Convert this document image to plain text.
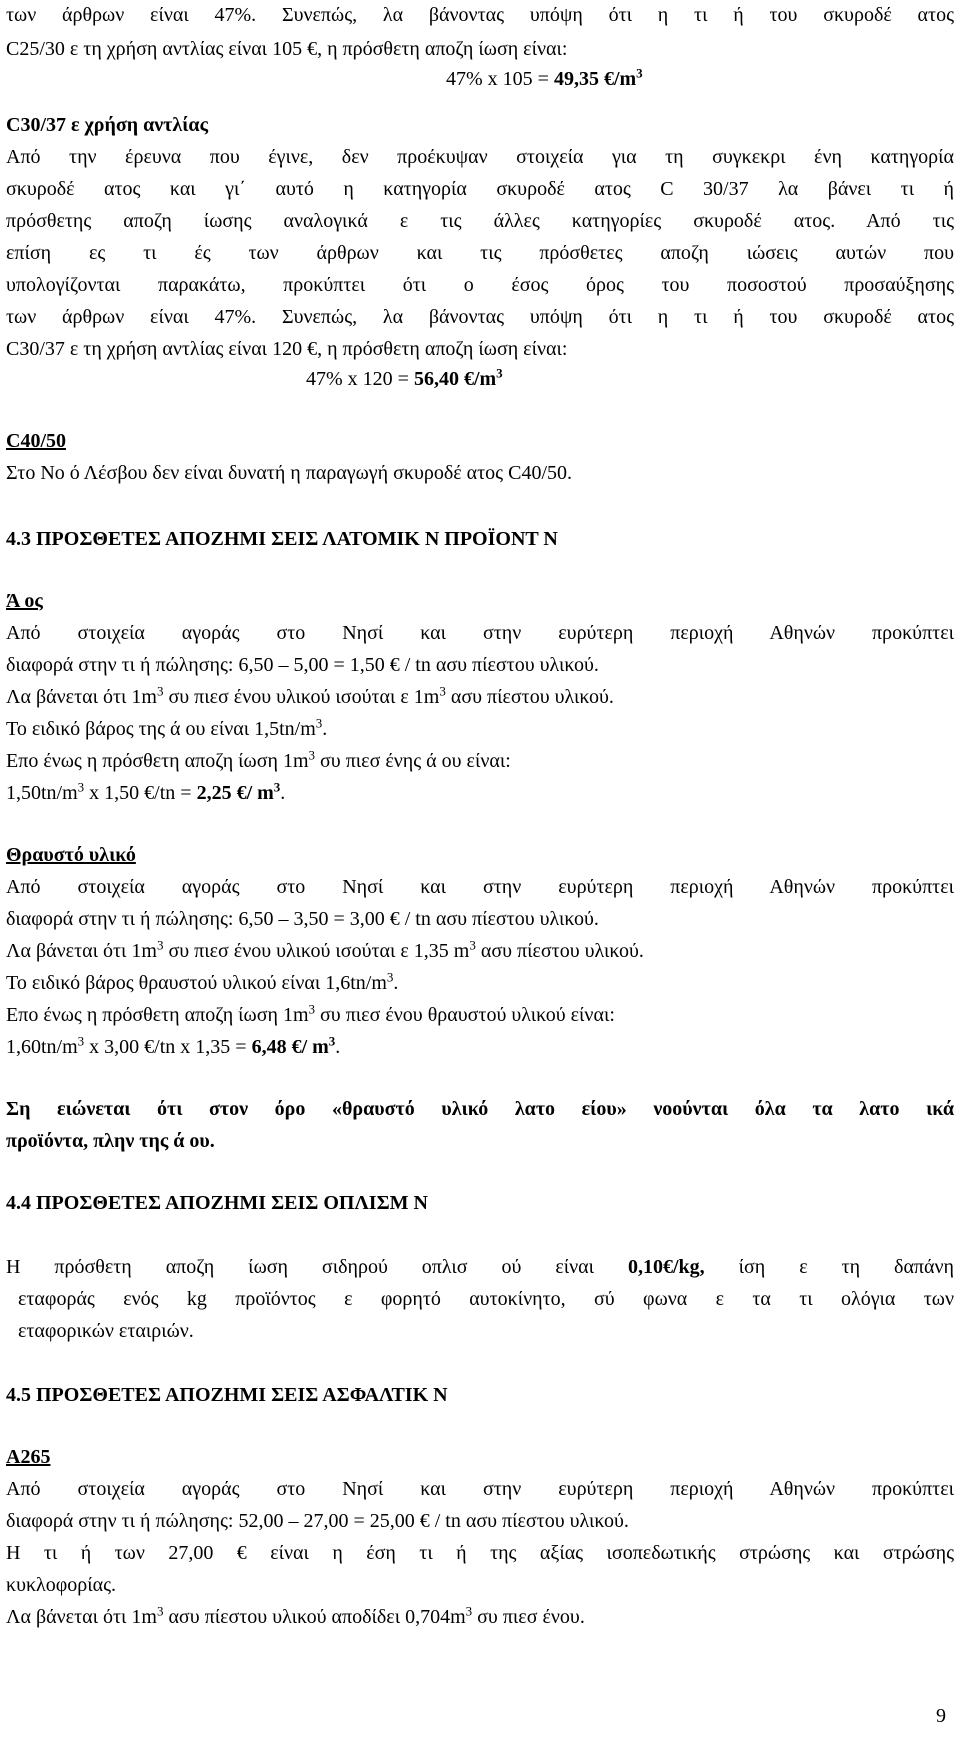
των άρθρων είναι 47%. Συνεπώς, λα βάνοντας υπόψη ότι η τι ή του σκυροδέ ατος
C25/30 ε τη χρήση αντλίας είναι 105 €, η πρόσθετη αποζη ίωση είναι:
47% x 105 = 49,35 $€/m^3$
C30/37 ε χρήση αντλίας
Από την έρευνα που έγινε, δεν προέκυψαν στοιχεία για τη συγκεκρι ένη κατηγορία
σκυροδέ ατος και γι΄ αυτό η κατηγορία σκυροδέ ατος C 30/37 λα βάνει τι ή
πρόσθετης αποζη ίωσης αναλογικά ε τις άλλες κατηγορίες σκυροδέ ατος. Από τις
επίση ες τι ές των άρθρων και τις πρόσθετες αποζη ιώσεις αυτών που
υπολογίζονται παρακάτω, προκύπτει ότι ο έσος όρος του ποσοστού προσαύξησης
των άρθρων είναι 47%. Συνεπώς, λα βάνοντας υπόψη ότι η τι ή του σκυροδέ ατος
C30/37 ε τη χρήση αντλίας είναι 120 €, η πρόσθετη αποζη ίωση είναι:
47% x 120 = 56,40 $€/m^3$
C40/50
Στο Νο ό Λέσβου δεν είναι δυνατή η παραγωγή σκυροδέ ατος C40/50.
4.3 ΠΡΟΣΘΕΤΕΣ ΑΠΟΖΗΜΙ ΣΕΙΣ ΛΑΤΟΜΙΚ Ν ΠΡΟΪΟΝΤ Ν
Ά ος
Από στοιχεία αγοράς στο Νησί και στην ευρύτερη περιοχή Αθηνών προκύπτει
διαφορά στην τι ή πώλησης: 6,50 – 5,00 = 1,50 € / tn ασυ πίεστου υλικού.
Λα βάνεται ότι $1m^3$ συ πιεσ ένου υλικού ισούται ε $1m^3$ ασυ πίεστου υλικού.
Το ειδικό βάρος της ά ου είναι $1,5tn/m^3$.
Επο ένως η πρόσθετη αποζη ίωση $1m^3$ συ πιεσ ένης ά ου είναι:
$1,50tn/m^3$ x 1,50 €/tn = 2,25 €/ $m^3$.
Θραυστό υλικό
Από στοιχεία αγοράς στο Νησί και στην ευρύτερη περιοχή Αθηνών προκύπτει
διαφορά στην τι ή πώλησης: 6,50 – 3,50 = 3,00 € / tn ασυ πίεστου υλικού.
Λα βάνεται ότι $1m^3$ συ πιεσ ένου υλικού ισούται ε 1,35 $m^3$ ασυ πίεστου υλικού.
Το ειδικό βάρος θραυστού υλικού είναι $1,6tn/m^3$.
Επο ένως η πρόσθετη αποζη ίωση $1m^3$ συ πιεσ ένου θραυστού υλικού είναι:
$1,60tn/m^3$ x 3,00 €/tn x 1,35 = 6,48 €/ $m^3$.
Ση ειώνεται ότι στον όρο «θραυστό υλικό λατο είου» νοούνται όλα τα λατο ικά
προϊόντα, πλην της ά ου.
4.4 ΠΡΟΣΘΕΤΕΣ ΑΠΟΖΗΜΙ ΣΕΙΣ ΟΠΛΙΣΜ Ν
Η πρόσθετη αποζη ίωση σιδηρού οπλισ ού είναι 0,10€/kg, ίση ε τη δαπάνη
εταφοράς ενός kg προϊόντος ε φορητό αυτοκίνητο, σύ φωνα ε τα τι ολόγια των
εταφορικών εταιριών.
4.5 ΠΡΟΣΘΕΤΕΣ ΑΠΟΖΗΜΙ ΣΕΙΣ ΑΣΦΑΛΤΙΚ Ν
Α265
Από στοιχεία αγοράς στο Νησί και στην ευρύτερη περιοχή Αθηνών προκύπτει
διαφορά στην τι ή πώλησης: 52,00 – 27,00 = 25,00 € / tn ασυ πίεστου υλικού.
Η τι ή των 27,00 € είναι η έση τι ή της αξίας ισοπεδωτικής στρώσης και στρώσης
κυκλοφορίας.
Λα βάνεται ότι $1m^3$ ασυ πίεστου υλικού αποδίδει $0,704m^3$ συ πιεσ ένου.
9
